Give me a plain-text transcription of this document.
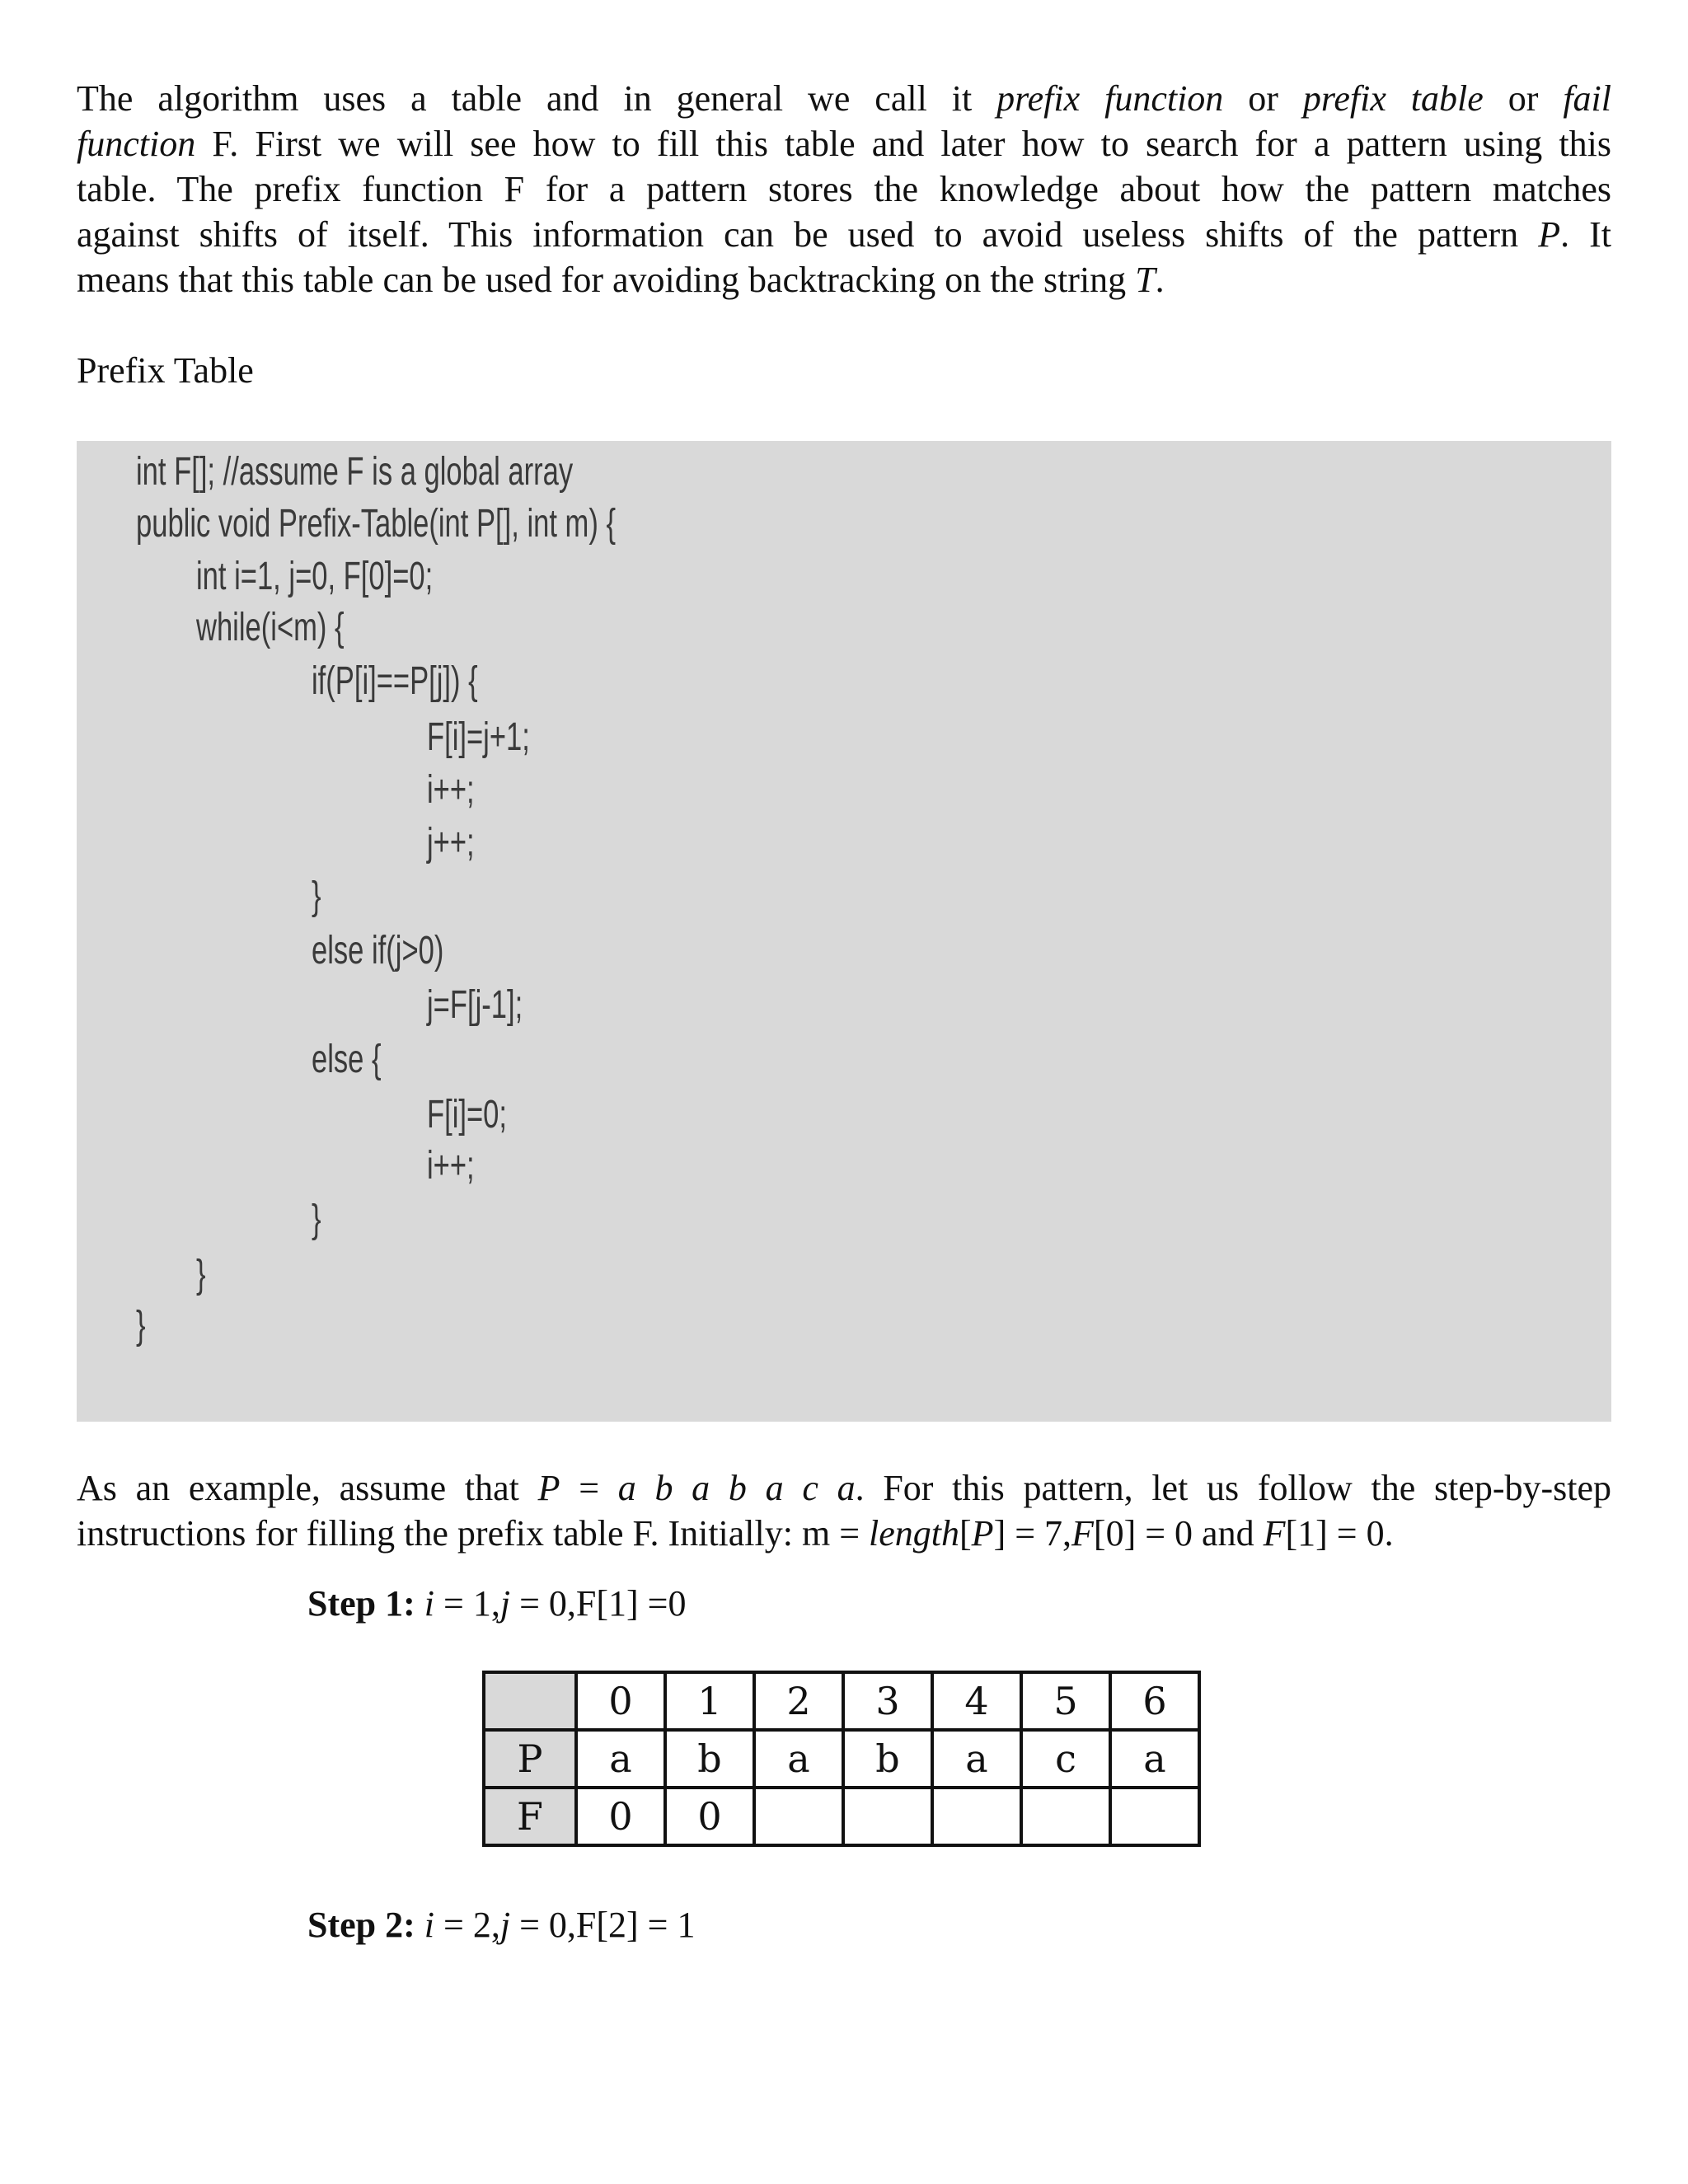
The algorithm uses a table and in general we call it prefix function or prefix table or fail
function F. First we will see how to fill this table and later how to search for a pattern using this
table. The prefix function F for a pattern stores the knowledge about how the pattern matches
against shifts of itself. This information can be used to avoid useless shifts of the pattern P. It
means that this table can be used for avoiding backtracking on the string T.

Prefix Table

int F[]; //assume F is a global array
public void Prefix-Table(int P[], int m) {
int i=1, j=0, F[0]=0;
while(i<m) {
if(P[i]==P[j]) {
F[i]=j+1;
i++;
j++;
}
else if(j>0)
j=F[j-1];
else {
F[i]=0;
i++;
}
}
}
As an example, assume that P = a b a b a c a. For this pattern, let us follow the step-by-step
instructions for filling the prefix table F. Initially: m = length[P] = 7,F[0] = 0 and F[1] = 0.

Step 1: i = 1,j = 0,F[1] =0

	0	1	2	3	4	5	6
P	a	b	a	b	a	c	a
F	0	0					

Step 2: i = 2,j = 0,F[2] = 1
